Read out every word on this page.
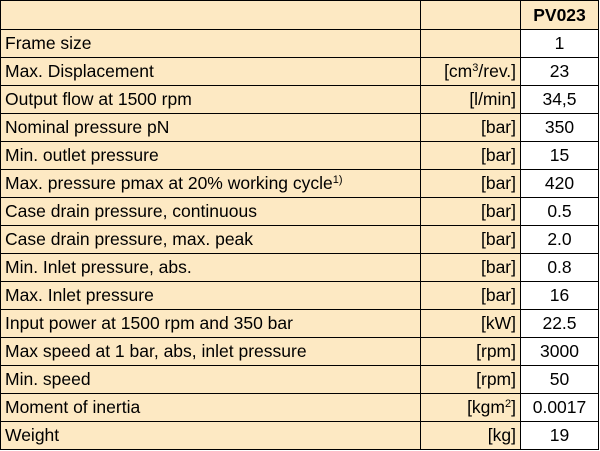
		PV023
Frame size		1
Max. Displacement	$[cm^3/rev.]$	23
Output flow at 1500 rpm	[l/min]	34,5
Nominal pressure pN	[bar]	350
Min. outlet pressure	[bar]	15
Max. pressure pmax at 20% working cycle$^{1)}$	[bar]	420
Case drain pressure, continuous	[bar]	0.5
Case drain pressure, max. peak	[bar]	2.0
Min. Inlet pressure, abs.	[bar]	0.8
Max. Inlet pressure	[bar]	16
Input power at 1500 rpm and 350 bar	[kW]	22.5
Max speed at 1 bar, abs, inlet pressure	[rpm]	3000
Min. speed	[rpm]	50
Moment of inertia	[kgm$^2$]	0.0017
Weight	[kg]	19
